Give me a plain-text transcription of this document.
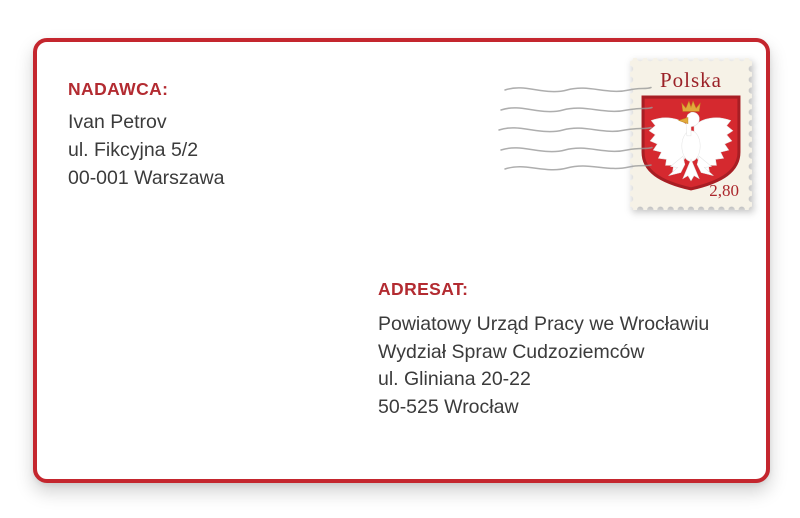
NADAWCA:
Ivan Petrov
ul. Fikcyjna 5/2
00-001 Warszawa
ADRESAT:
Powiatowy Urząd Pracy we Wrocławiu
Wydział Spraw Cudzoziemców
ul. Gliniana 20-22
50-525 Wrocław
Polska
2,80
